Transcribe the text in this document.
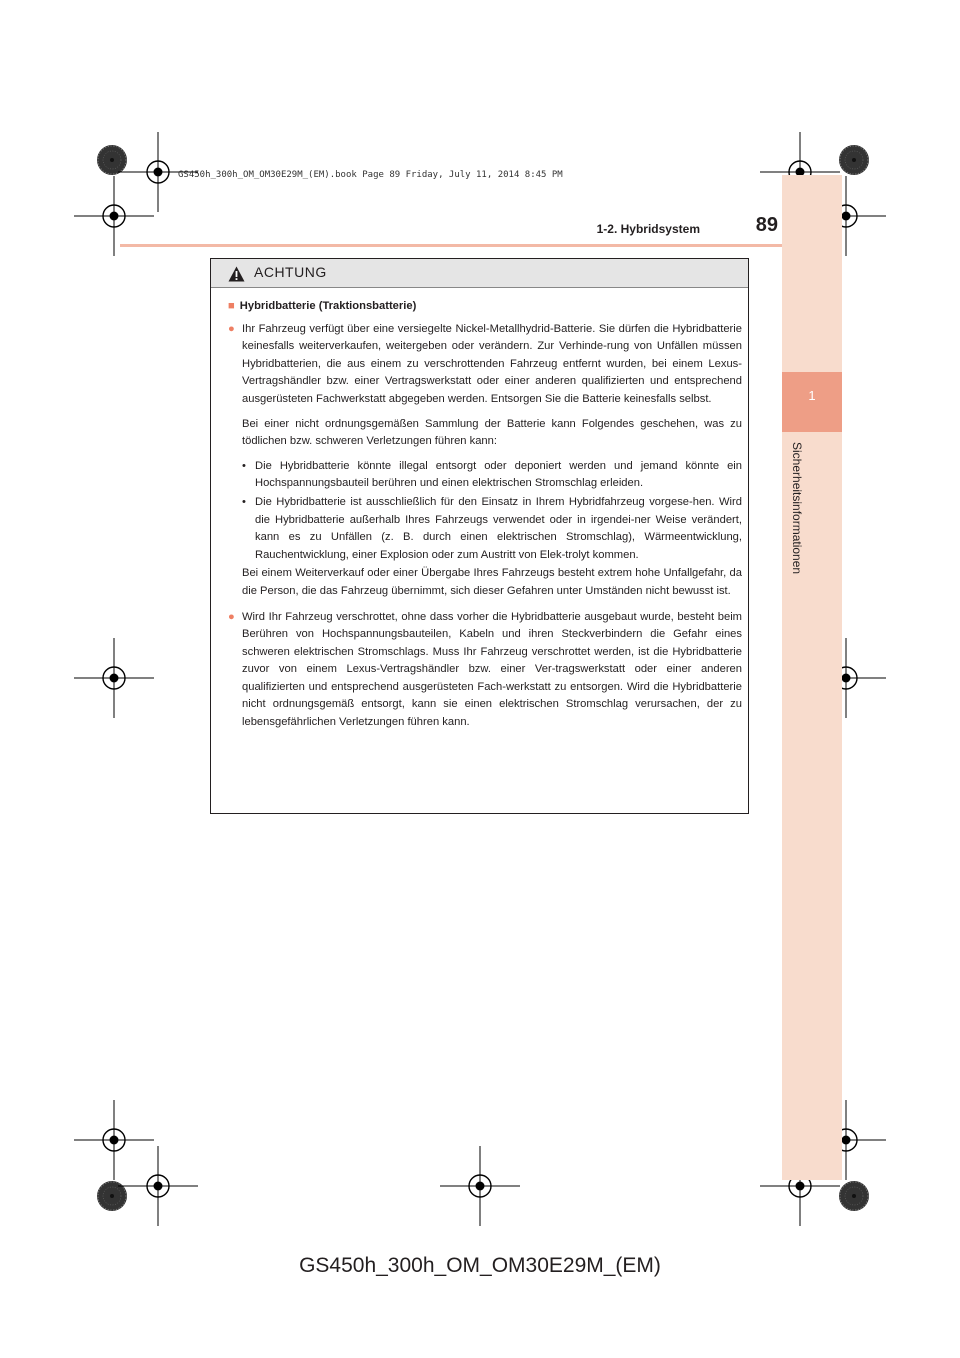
1
Sicherheitsinformationen
GS450h_300h_OM_OM30E29M_(EM).book Page 89 Friday, July 11, 2014 8:45 PM
1-2. Hybridsystem	89
ACHTUNG

■ Hybridbatterie (Traktionsbatterie)

● Ihr Fahrzeug verfügt über eine versiegelte Nickel-Metallhydrid-Batterie. Sie dürfen die Hybridbatterie keinesfalls weiterverkaufen, weitergeben oder verändern. Zur Verhinde-rung von Unfällen müssen Hybridbatterien, die aus einem zu verschrottenden Fahrzeug entfernt wurden, bei einem Lexus-Vertragshändler bzw. einer Vertragswerkstatt oder einer anderen qualifizierten und entsprechend ausgerüsteten Fachwerkstatt abgegeben werden. Entsorgen Sie die Batterie keinesfalls selbst.

Bei einer nicht ordnungsgemäßen Sammlung der Batterie kann Folgendes geschehen, was zu tödlichen bzw. schweren Verletzungen führen kann:

• Die Hybridbatterie könnte illegal entsorgt oder deponiert werden und jemand könnte ein Hochspannungsbauteil berühren und einen elektrischen Stromschlag erleiden.
• Die Hybridbatterie ist ausschließlich für den Einsatz in Ihrem Hybridfahrzeug vorgese-hen. Wird die Hybridbatterie außerhalb Ihres Fahrzeugs verwendet oder in irgendei-ner Weise verändert, kann es zu Unfällen (z. B. durch einen elektrischen Stromschlag), Wärmeentwicklung, Rauchentwicklung, einer Explosion oder zum Austritt von Elek-trolyt kommen.

Bei einem Weiterverkauf oder einer Übergabe Ihres Fahrzeugs besteht extrem hohe Unfallgefahr, da die Person, die das Fahrzeug übernimmt, sich dieser Gefahren unter Umständen nicht bewusst ist.

● Wird Ihr Fahrzeug verschrottet, ohne dass vorher die Hybridbatterie ausgebaut wurde, besteht beim Berühren von Hochspannungsbauteilen, Kabeln und ihren Steckverbindern die Gefahr eines schweren elektrischen Stromschlags. Muss Ihr Fahrzeug verschrottet werden, ist die Hybridbatterie zuvor von einem Lexus-Vertragshändler bzw. einer Ver-tragswerkstatt oder einer anderen qualifizierten und entsprechend ausgerüsteten Fach-werkstatt zu entsorgen. Wird die Hybridbatterie nicht ordnungsgemäß entsorgt, kann sie einen elektrischen Stromschlag verursachen, der zu lebensgefährlichen Verletzungen führen kann.

GS450h_300h_OM_OM30E29M_(EM)
